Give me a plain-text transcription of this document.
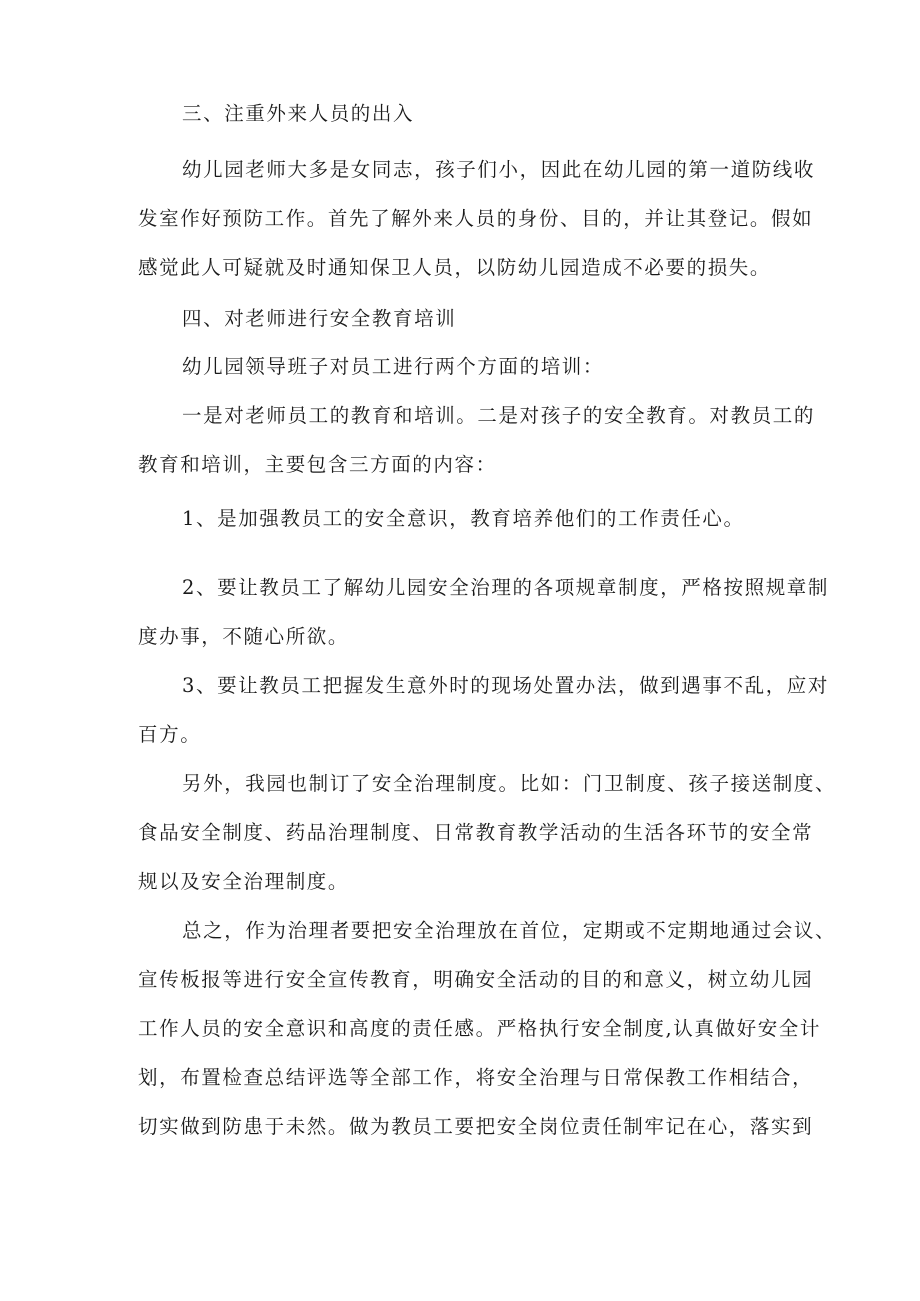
三、注重外来人员的出入
幼儿园老师大多是女同志，孩子们小，因此在幼儿园的第一道防线收
发室作好预防工作。首先了解外来人员的身份、目的，并让其登记。假如
感觉此人可疑就及时通知保卫人员，以防幼儿园造成不必要的损失。
四、对老师进行安全教育培训
幼儿园领导班子对员工进行两个方面的培训：
一是对老师员工的教育和培训。二是对孩子的安全教育。对教员工的
教育和培训，主要包含三方面的内容：
1、是加强教员工的安全意识，教育培养他们的工作责任心。
2、要让教员工了解幼儿园安全治理的各项规章制度，严格按照规章制
度办事，不随心所欲。
3、要让教员工把握发生意外时的现场处置办法，做到遇事不乱，应对
百方。
另外，我园也制订了安全治理制度。比如：门卫制度、孩子接送制度、
食品安全制度、药品治理制度、日常教育教学活动的生活各环节的安全常
规以及安全治理制度。
总之，作为治理者要把安全治理放在首位，定期或不定期地通过会议、
宣传板报等进行安全宣传教育，明确安全活动的目的和意义，树立幼儿园
工作人员的安全意识和高度的责任感。严格执行安全制度,认真做好安全计
划，布置检查总结评选等全部工作，将安全治理与日常保教工作相结合，
切实做到防患于未然。做为教员工要把安全岗位责任制牢记在心，落实到
